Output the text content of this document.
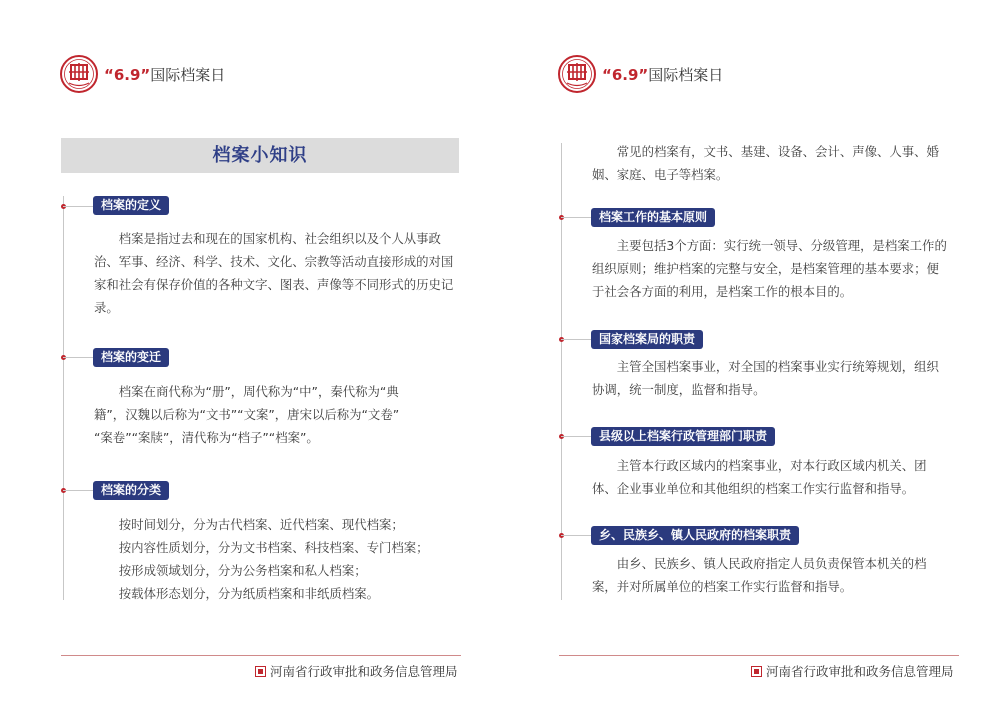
“6.9”国际档案日
档案小知识
档案的定义
档案是指过去和现在的国家机构、社会组织以及个人从事政
治、军事、经济、科学、技术、文化、宗教等活动直接形成的对国
家和社会有保存价值的各种文字、图表、声像等不同形式的历史记
录。
档案的变迁
档案在商代称为“册”，周代称为“中”，秦代称为“典
籍”，汉魏以后称为“文书”“文案”，唐宋以后称为“文卷”
“案卷”“案牍”，清代称为“档子”“档案”。
档案的分类
按时间划分，分为古代档案、近代档案、现代档案；
按内容性质划分，分为文书档案、科技档案、专门档案；
按形成领域划分，分为公务档案和私人档案；
按载体形态划分，分为纸质档案和非纸质档案。
河南省行政审批和政务信息管理局
“6.9”国际档案日
常见的档案有，文书、基建、设备、会计、声像、人事、婚
姻、家庭、电子等档案。
档案工作的基本原则
主要包括3个方面：实行统一领导、分级管理，是档案工作的
组织原则；维护档案的完整与安全，是档案管理的基本要求；便
于社会各方面的利用，是档案工作的根本目的。
国家档案局的职责
主管全国档案事业，对全国的档案事业实行统筹规划，组织
协调，统一制度，监督和指导。
县级以上档案行政管理部门职责
主管本行政区域内的档案事业，对本行政区域内机关、团
体、企业事业单位和其他组织的档案工作实行监督和指导。
乡、民族乡、镇人民政府的档案职责
由乡、民族乡、镇人民政府指定人员负责保管本机关的档
案，并对所属单位的档案工作实行监督和指导。
河南省行政审批和政务信息管理局
